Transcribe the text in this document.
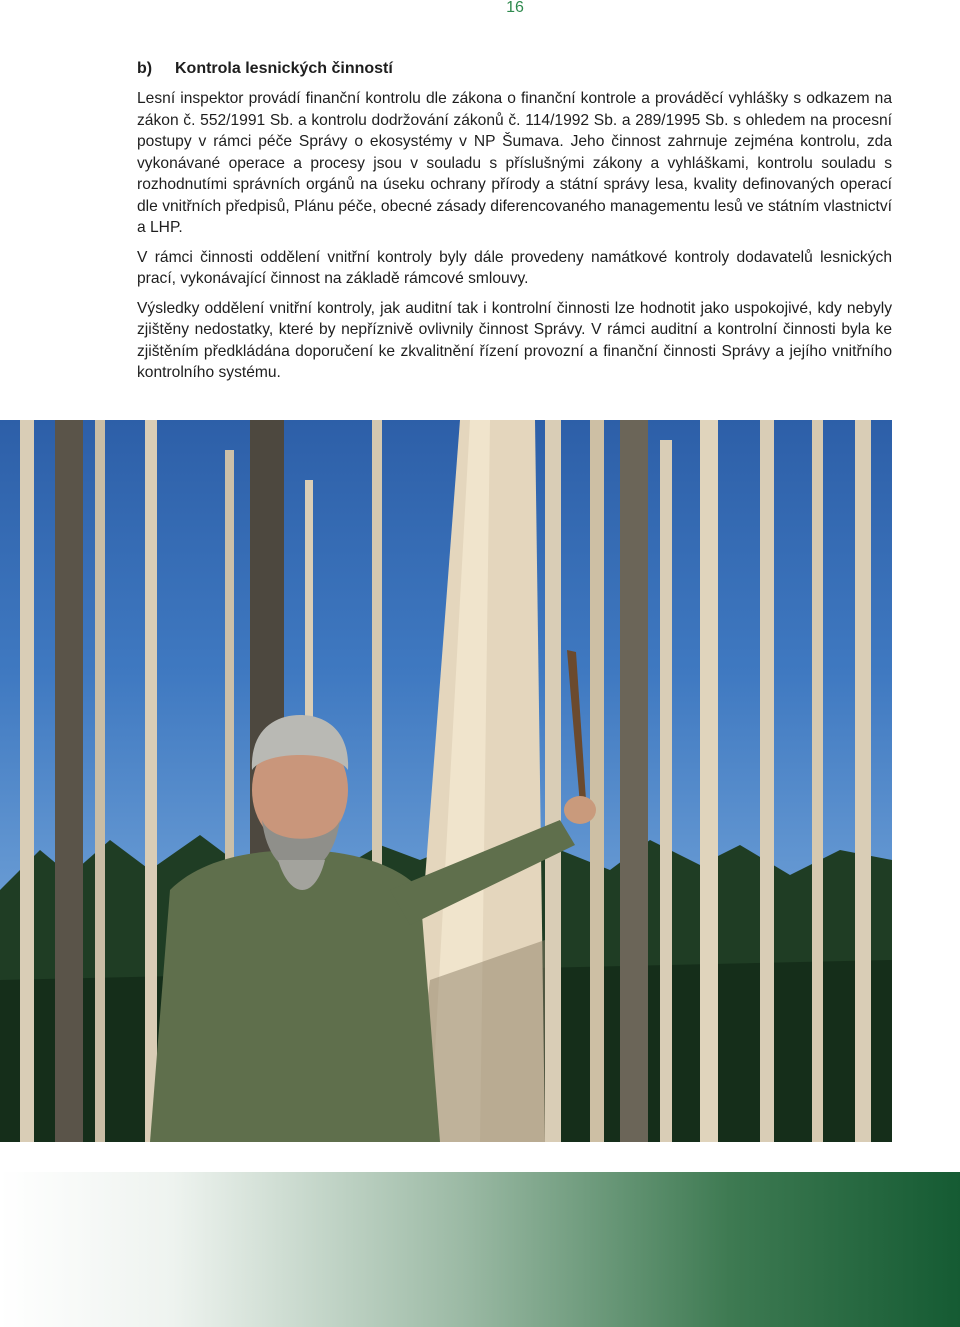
16
b)	Kontrola lesnických činností

Lesní inspektor provádí finanční kontrolu dle zákona o finanční kontrole a prováděcí vyhlášky s odkazem na zákon č. 552/1991 Sb. a kontrolu dodržování zákonů č. 114/1992 Sb. a 289/1995 Sb. s ohledem na procesní postupy v rámci péče Správy o ekosystémy v NP Šumava. Jeho činnost zahrnuje zejména kontrolu, zda vykonávané operace a procesy jsou v souladu s příslušnými zákony a vyhláškami, kontrolu souladu s rozhodnutími správních orgánů na úseku ochrany přírody a státní správy lesa, kvality definovaných operací dle vnitřních předpisů, Plánu péče, obecné zásady diferencovaného managementu lesů ve státním vlastnictví a LHP.

V rámci činnosti oddělení vnitřní kontroly byly dále provedeny namátkové kontroly dodavatelů lesnických prací, vykonávající činnost na základě rámcové smlouvy.

Výsledky oddělení vnitřní kontroly, jak auditní tak i kontrolní činnosti lze hodnotit jako uspokojivé, kdy nebyly zjištěny nedostatky, které by nepříznivě ovlivnily činnost Správy. V rámci auditní a kontrolní činnosti byla ke zjištěním předkládána doporučení ke zkvalitnění řízení provozní a finanční činnosti Správy a jejího vnitřního kontrolního systému.
